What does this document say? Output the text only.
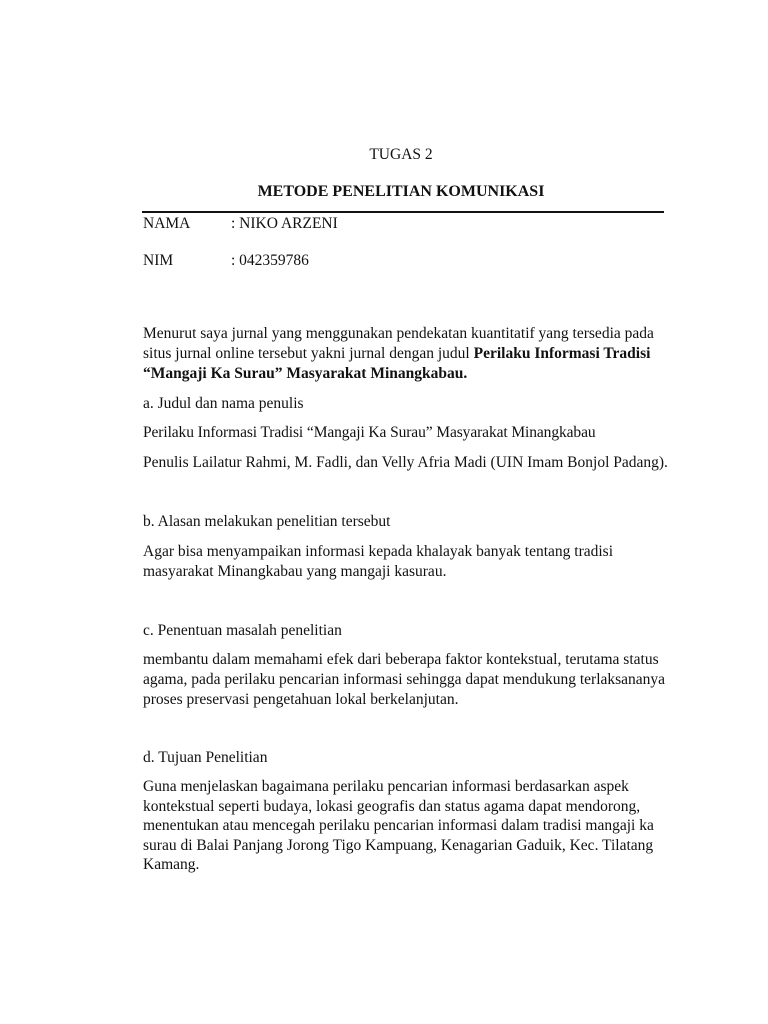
TUGAS 2
METODE PENELITIAN KOMUNIKASI
NAMA	: NIKO ARZENI
NIM	: 042359786
Menurut saya jurnal yang menggunakan pendekatan kuantitatif yang tersedia pada
situs jurnal online tersebut yakni jurnal dengan judul Perilaku Informasi Tradisi
“Mangaji Ka Surau” Masyarakat Minangkabau.
a. Judul dan nama penulis
Perilaku Informasi Tradisi “Mangaji Ka Surau” Masyarakat Minangkabau
Penulis Lailatur Rahmi, M. Fadli, dan Velly Afria Madi (UIN Imam Bonjol Padang).
b. Alasan melakukan penelitian tersebut
Agar bisa menyampaikan informasi kepada khalayak banyak tentang tradisi
masyarakat Minangkabau yang mangaji kasurau.
c. Penentuan masalah penelitian
membantu dalam memahami efek dari beberapa faktor kontekstual, terutama status
agama, pada perilaku pencarian informasi sehingga dapat mendukung terlaksananya
proses preservasi pengetahuan lokal berkelanjutan.
d. Tujuan Penelitian
Guna menjelaskan bagaimana perilaku pencarian informasi berdasarkan aspek
kontekstual seperti budaya, lokasi geografis dan status agama dapat mendorong,
menentukan atau mencegah perilaku pencarian informasi dalam tradisi mangaji ka
surau di Balai Panjang Jorong Tigo Kampuang, Kenagarian Gaduik, Kec. Tilatang
Kamang.
